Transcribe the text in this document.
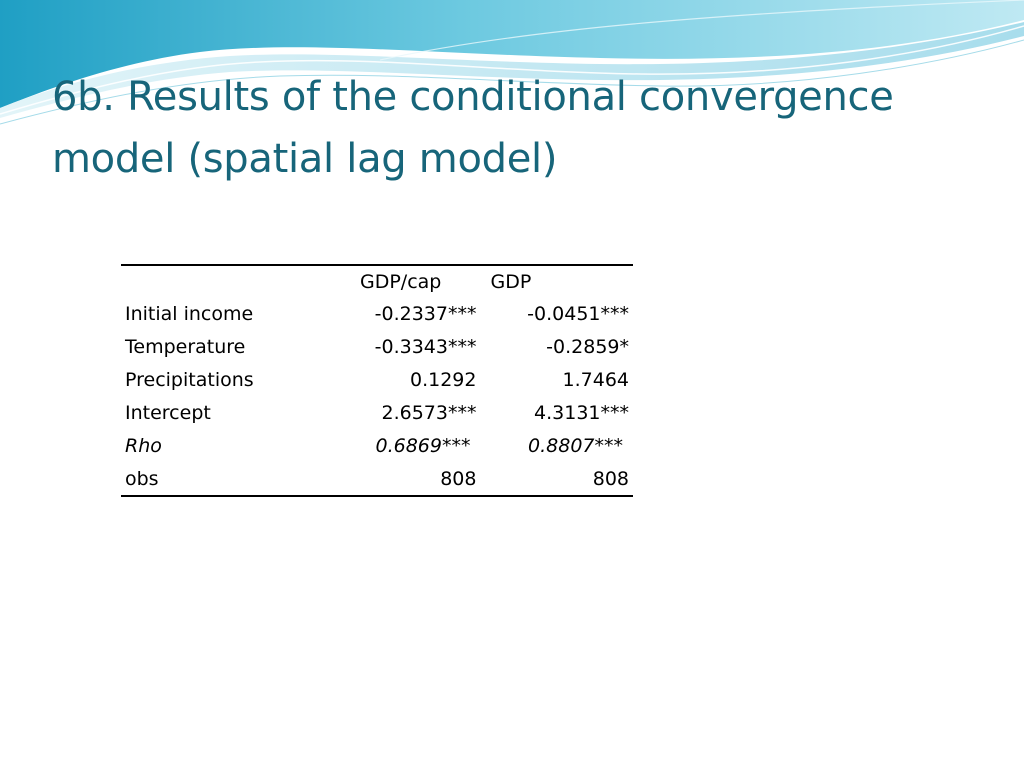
6b. Results of the conditional convergence model (spatial lag model)
	GDP/cap	GDP
Initial income	-0.2337***	-0.0451***
Temperature	-0.3343***	-0.2859*
Precipitations	0.1292	1.7464
Intercept	2.6573***	4.3131***
Rho	0.6869***	0.8807***
obs	808	808
